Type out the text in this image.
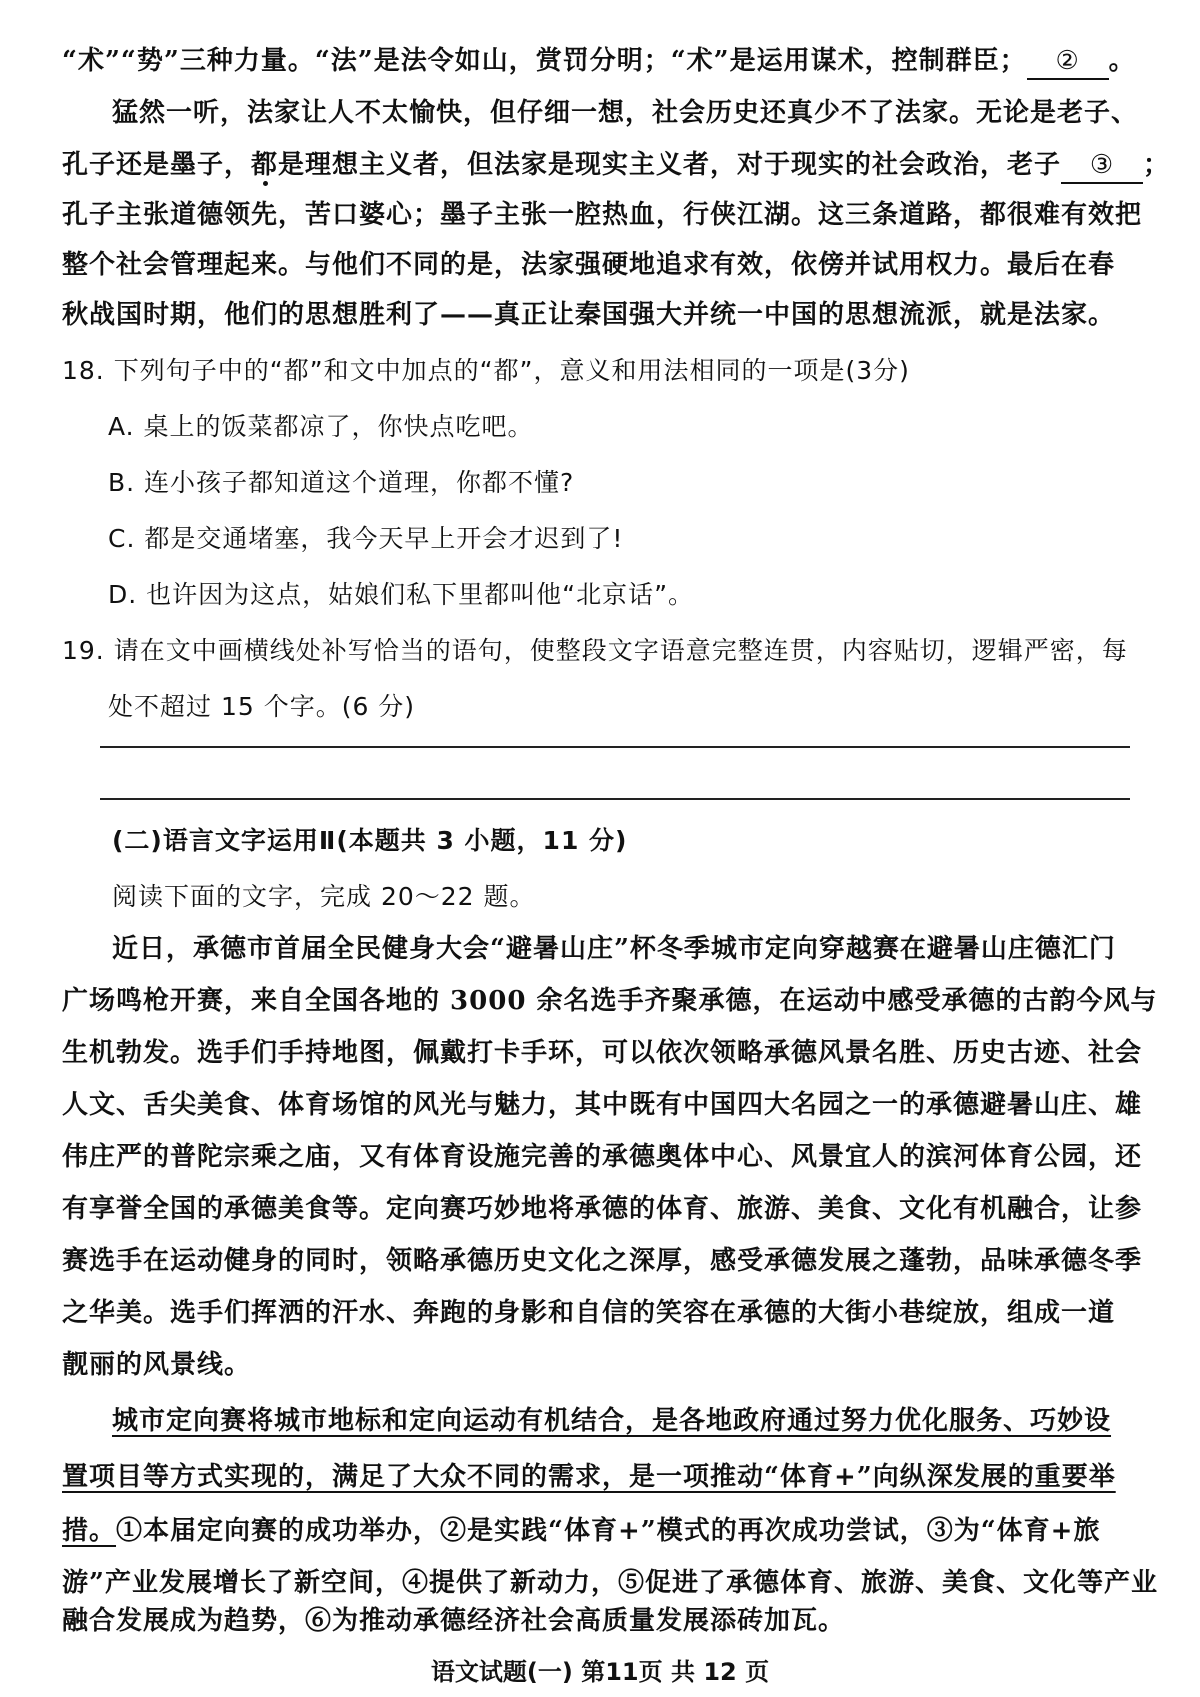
“术”“势”三种力量。“法”是法令如山，赏罚分明；“术”是运用谋术，控制群臣； ② 。
猛然一听，法家让人不太愉快，但仔细一想，社会历史还真少不了法家。无论是老子、
孔子还是墨子，都是理想主义者，但法家是现实主义者，对于现实的社会政治，老子 ③ ；
孔子主张道德领先，苦口婆心；墨子主张一腔热血，行侠江湖。这三条道路，都很难有效把
整个社会管理起来。与他们不同的是，法家强硬地追求有效，依傍并试用权力。最后在春
秋战国时期，他们的思想胜利了——真正让秦国强大并统一中国的思想流派，就是法家。
18. 下列句子中的“都”和文中加点的“都”，意义和用法相同的一项是(3分)
A. 桌上的饭菜都凉了，你快点吃吧。
B. 连小孩子都知道这个道理，你都不懂?
C. 都是交通堵塞，我今天早上开会才迟到了!
D. 也许因为这点，姑娘们私下里都叫他“北京话”。
19. 请在文中画横线处补写恰当的语句，使整段文字语意完整连贯，内容贴切，逻辑严密，每
处不超过 15 个字。(6 分)
(二)语言文字运用Ⅱ(本题共 3 小题，11 分)
阅读下面的文字，完成 20～22 题。
近日，承德市首届全民健身大会“避暑山庄”杯冬季城市定向穿越赛在避暑山庄德汇门
广场鸣枪开赛，来自全国各地的 3000 余名选手齐聚承德，在运动中感受承德的古韵今风与
生机勃发。选手们手持地图，佩戴打卡手环，可以依次领略承德风景名胜、历史古迹、社会
人文、舌尖美食、体育场馆的风光与魅力，其中既有中国四大名园之一的承德避暑山庄、雄
伟庄严的普陀宗乘之庙，又有体育设施完善的承德奥体中心、风景宜人的滨河体育公园，还
有享誉全国的承德美食等。定向赛巧妙地将承德的体育、旅游、美食、文化有机融合，让参
赛选手在运动健身的同时，领略承德历史文化之深厚，感受承德发展之蓬勃，品味承德冬季
之华美。选手们挥洒的汗水、奔跑的身影和自信的笑容在承德的大街小巷绽放，组成一道
靓丽的风景线。
城市定向赛将城市地标和定向运动有机结合，是各地政府通过努力优化服务、巧妙设
置项目等方式实现的，满足了大众不同的需求，是一项推动“体育+”向纵深发展的重要举
措。①本届定向赛的成功举办，②是实践“体育+”模式的再次成功尝试，③为“体育+旅
游”产业发展增长了新空间，④提供了新动力，⑤促进了承德体育、旅游、美食、文化等产业
融合发展成为趋势，⑥为推动承德经济社会高质量发展添砖加瓦。
语文试题(一) 第11页 共 12 页
